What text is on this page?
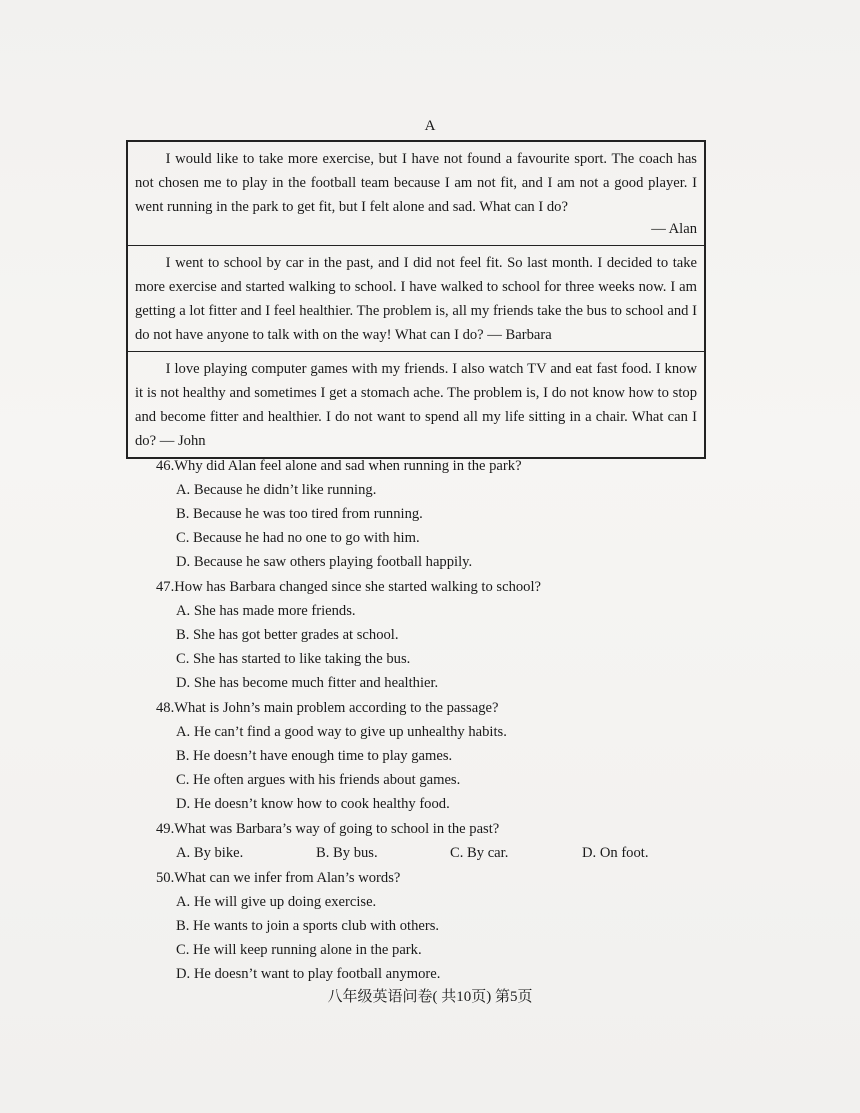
A

I would like to take more exercise, but I have not found a favourite sport. The coach has not chosen me to play in the football team because I am not fit, and I am not a good player. I went running in the park to get fit, but I felt alone and sad. What can I do?

— Alan

I went to school by car in the past, and I did not feel fit. So last month. I decided to take more exercise and started walking to school. I have walked to school for three weeks now. I am getting a lot fitter and I feel healthier. The problem is, all my friends take the bus to school and I do not have anyone to talk with on the way! What can I do? — Barbara

I love playing computer games with my friends. I also watch TV and eat fast food. I know it is not healthy and sometimes I get a stomach ache. The problem is, I do not know how to stop and become fitter and healthier. I do not want to spend all my life sitting in a chair. What can I do? — John

46.Why did Alan feel alone and sad when running in the park?
A. Because he didn’t like running.
B. Because he was too tired from running.
C. Because he had no one to go with him.
D. Because he saw others playing football happily.
47.How has Barbara changed since she started walking to school?
A. She has made more friends.
B. She has got better grades at school.
C. She has started to like taking the bus.
D. She has become much fitter and healthier.
48.What is John’s main problem according to the passage?
A. He can’t find a good way to give up unhealthy habits.
B. He doesn’t have enough time to play games.
C. He often argues with his friends about games.
D. He doesn’t know how to cook healthy food.
49.What was Barbara’s way of going to school in the past?
A. By bike.	B. By bus.	C. By car.	D. On foot.
50.What can we infer from Alan’s words?
A. He will give up doing exercise.
B. He wants to join a sports club with others.
C. He will keep running alone in the park.
D. He doesn’t want to play football anymore.
八年级英语问卷( 共10页) 第5页
